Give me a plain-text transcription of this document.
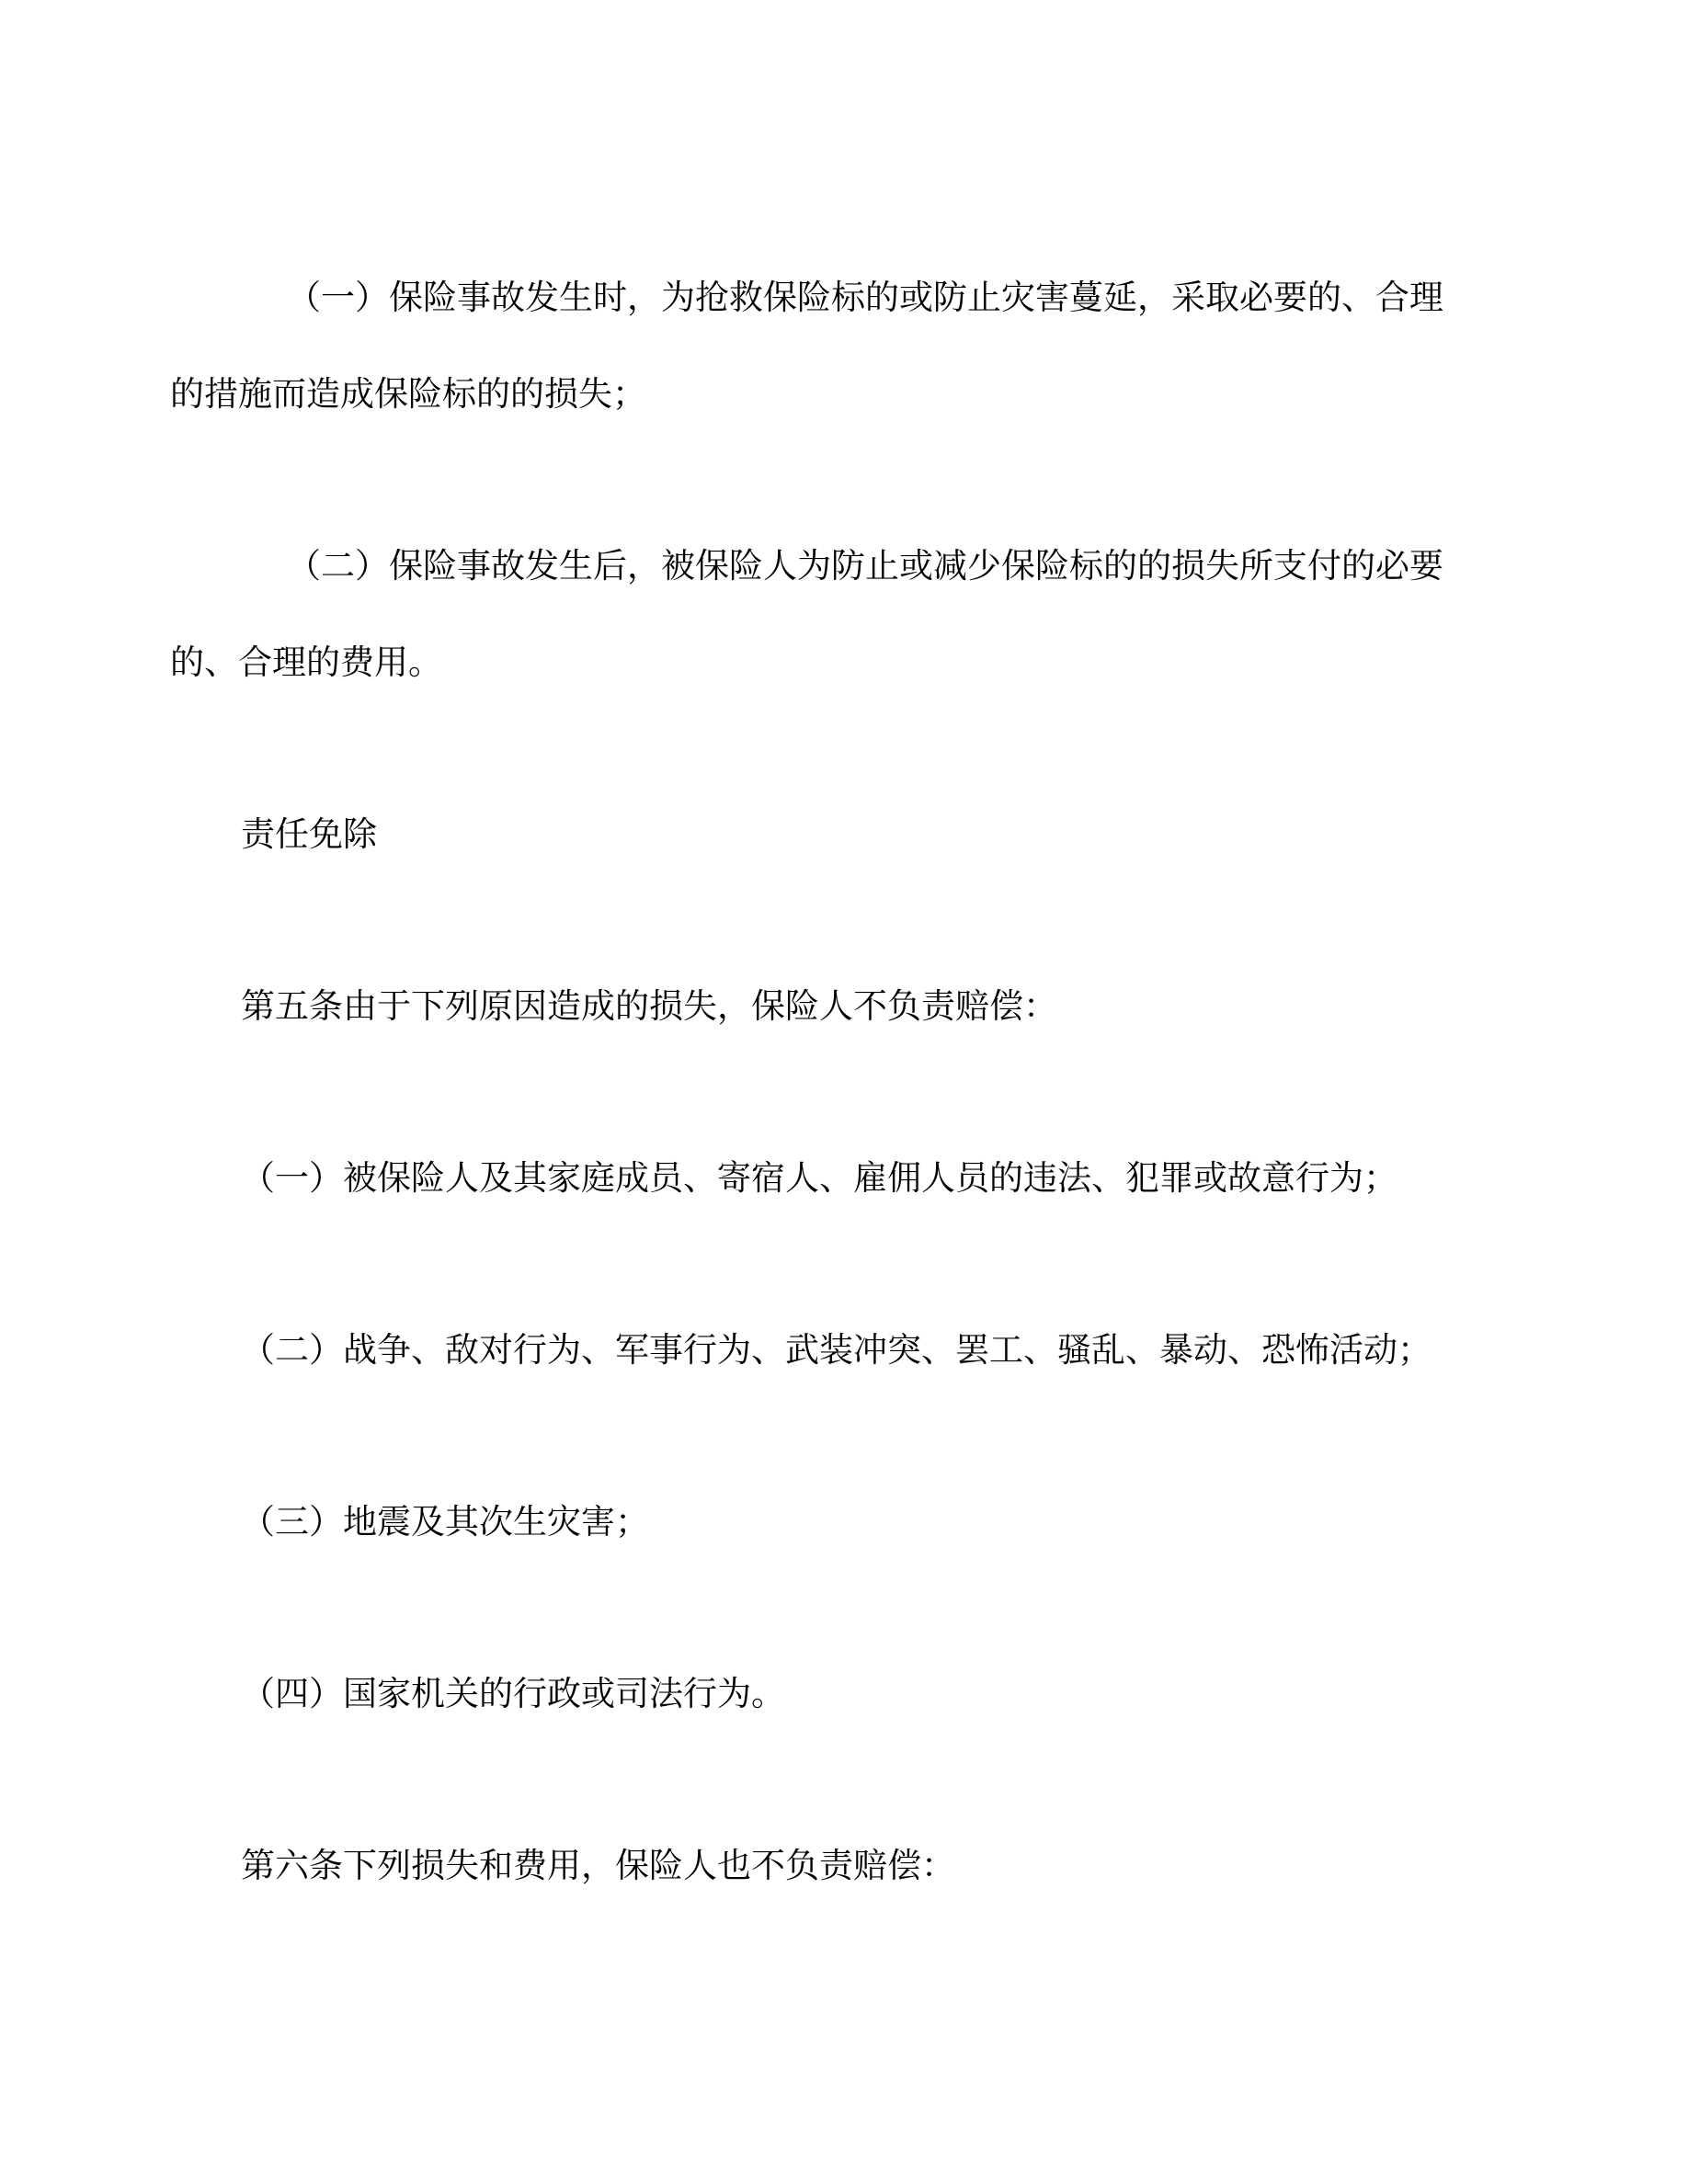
（一）保险事故发生时，为抢救保险标的或防止灾害蔓延，采取必要的、合理
的措施而造成保险标的的损失；

（二）保险事故发生后，被保险人为防止或减少保险标的的损失所支付的必要
的、合理的费用。

责任免除

第五条由于下列原因造成的损失，保险人不负责赔偿：

（一）被保险人及其家庭成员、寄宿人、雇佣人员的违法、犯罪或故意行为；

（二）战争、敌对行为、军事行为、武装冲突、罢工、骚乱、暴动、恐怖活动；

（三）地震及其次生灾害；

（四）国家机关的行政或司法行为。

第六条下列损失和费用，保险人也不负责赔偿：
